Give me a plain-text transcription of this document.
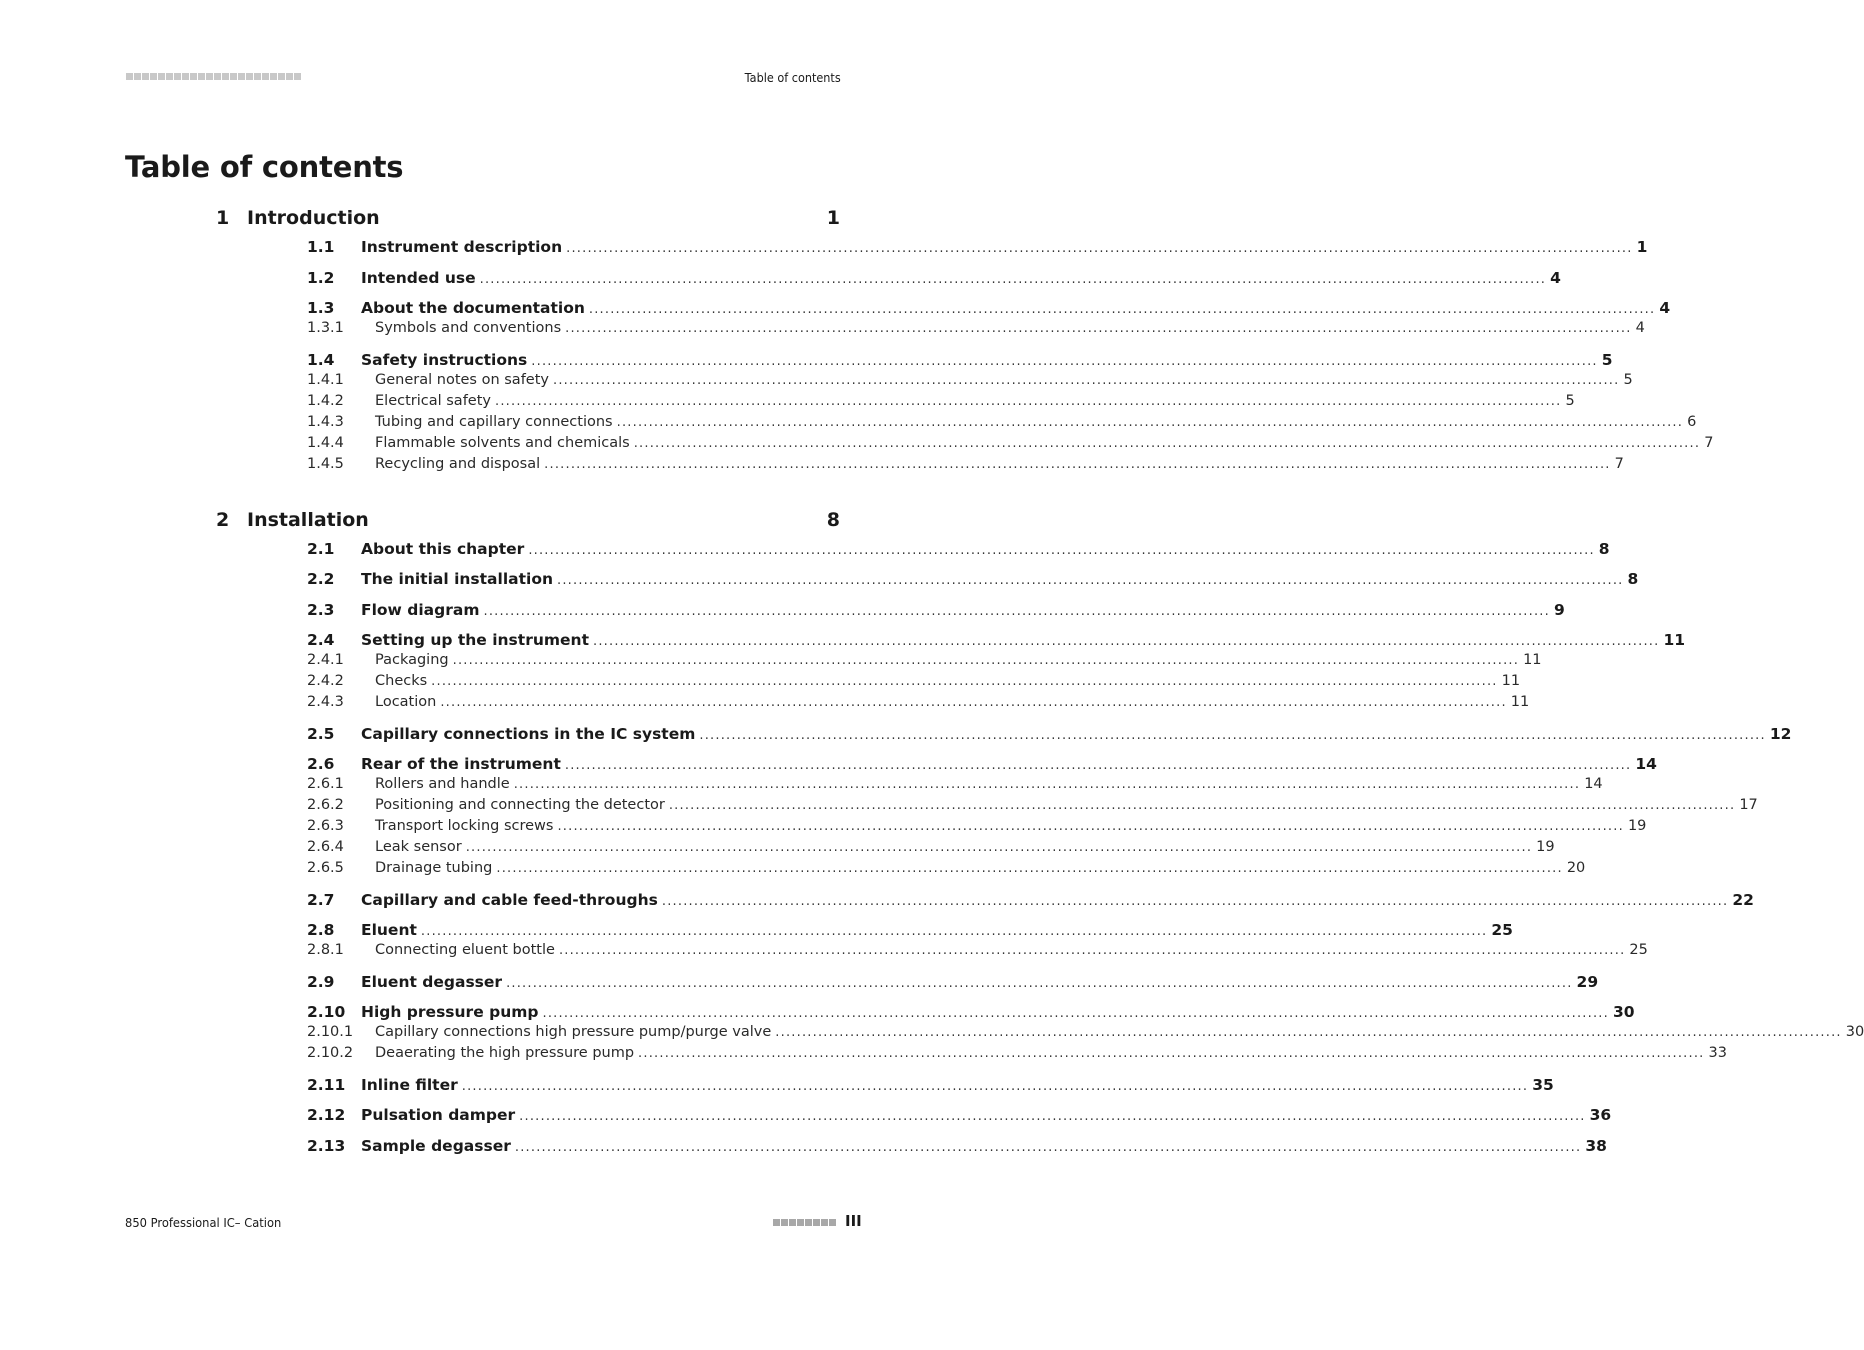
Table of contents
Table of contents
1 Introduction	1
1.1	Instrument description ........................................................................................................................................................................................................ 1
1.2	Intended use ........................................................................................................................................................................................................ 4
1.3	About the documentation ........................................................................................................................................................................................................ 4
1.3.1	Symbols and conventions ........................................................................................................................................................................................................ 4
1.4	Safety instructions ........................................................................................................................................................................................................ 5
1.4.1	General notes on safety ........................................................................................................................................................................................................ 5
1.4.2	Electrical safety ........................................................................................................................................................................................................ 5
1.4.3	Tubing and capillary connections ........................................................................................................................................................................................................ 6
1.4.4	Flammable solvents and chemicals ........................................................................................................................................................................................................ 7
1.4.5	Recycling and disposal ........................................................................................................................................................................................................ 7
2 Installation	8
2.1	About this chapter ........................................................................................................................................................................................................ 8
2.2	The initial installation ........................................................................................................................................................................................................ 8
2.3	Flow diagram ........................................................................................................................................................................................................ 9
2.4	Setting up the instrument ........................................................................................................................................................................................................ 11
2.4.1	Packaging ........................................................................................................................................................................................................ 11
2.4.2	Checks ........................................................................................................................................................................................................ 11
2.4.3	Location ........................................................................................................................................................................................................ 11
2.5	Capillary connections in the IC system ........................................................................................................................................................................................................ 12
2.6	Rear of the instrument ........................................................................................................................................................................................................ 14
2.6.1	Rollers and handle ........................................................................................................................................................................................................ 14
2.6.2	Positioning and connecting the detector ........................................................................................................................................................................................................ 17
2.6.3	Transport locking screws ........................................................................................................................................................................................................ 19
2.6.4	Leak sensor ........................................................................................................................................................................................................ 19
2.6.5	Drainage tubing ........................................................................................................................................................................................................ 20
2.7	Capillary and cable feed-throughs ........................................................................................................................................................................................................ 22
2.8	Eluent ........................................................................................................................................................................................................ 25
2.8.1	Connecting eluent bottle ........................................................................................................................................................................................................ 25
2.9	Eluent degasser ........................................................................................................................................................................................................ 29
2.10	High pressure pump ........................................................................................................................................................................................................ 30
2.10.1	Capillary connections high pressure pump/purge valve ........................................................................................................................................................................................................ 30
2.10.2	Deaerating the high pressure pump ........................................................................................................................................................................................................ 33
2.11	Inline filter ........................................................................................................................................................................................................ 35
2.12	Pulsation damper ........................................................................................................................................................................................................ 36
2.13	Sample degasser ........................................................................................................................................................................................................ 38
850 Professional IC– Cation	III
